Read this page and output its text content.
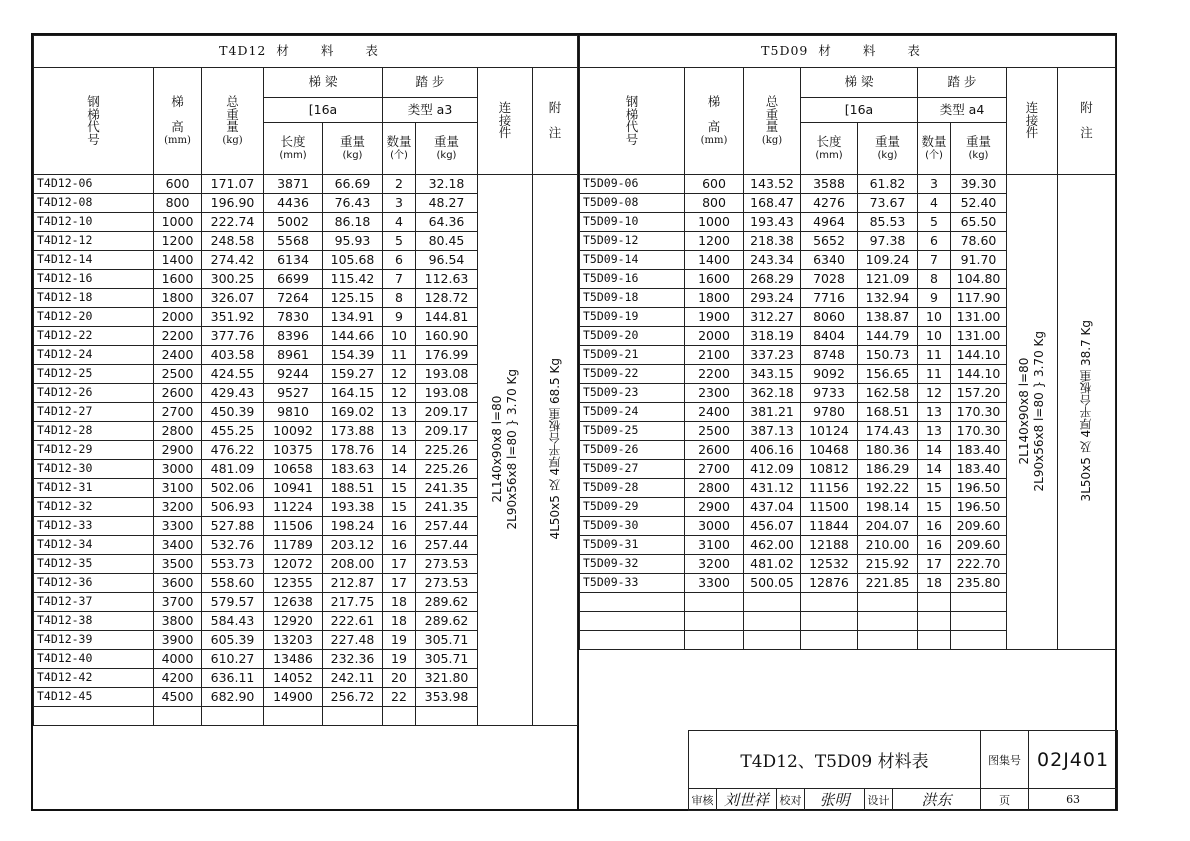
T4D12 材 料 表								
钢
梯
代
号	梯

高
(mm)	总
重
量
(kg)	梯 梁		踏 步		连
接
件	附

注
			[16a		类型 a3			
			长度
(mm)	重量
(kg)	数量
(个)	重量
(kg)		

T4D12-06	600	171.07	3871	66.69	2	32.18	2L140x90x8 l=80 2L90x56x8 l=80 } 3.70 Kg	4L50x5 及 4厚平台板重 68.5 Kg

T4D12-08	800	196.90	4436	76.43	3	48.27		
T4D12-10	1000	222.74	5002	86.18	4	64.36		
T4D12-12	1200	248.58	5568	95.93	5	80.45		
T4D12-14	1400	274.42	6134	105.68	6	96.54		
T4D12-16	1600	300.25	6699	115.42	7	112.63		
T4D12-18	1800	326.07	7264	125.15	8	128.72		
T4D12-20	2000	351.92	7830	134.91	9	144.81		
T4D12-22	2200	377.76	8396	144.66	10	160.90		
T4D12-24	2400	403.58	8961	154.39	11	176.99		
T4D12-25	2500	424.55	9244	159.27	12	193.08		
T4D12-26	2600	429.43	9527	164.15	12	193.08		
T4D12-27	2700	450.39	9810	169.02	13	209.17		
T4D12-28	2800	455.25	10092	173.88	13	209.17		
T4D12-29	2900	476.22	10375	178.76	14	225.26		
T4D12-30	3000	481.09	10658	183.63	14	225.26		
T4D12-31	3100	502.06	10941	188.51	15	241.35		
T4D12-32	3200	506.93	11224	193.38	15	241.35		
T4D12-33	3300	527.88	11506	198.24	16	257.44		
T4D12-34	3400	532.76	11789	203.12	16	257.44		
T4D12-35	3500	553.73	12072	208.00	17	273.53		
T4D12-36	3600	558.60	12355	212.87	17	273.53		
T4D12-37	3700	579.57	12638	217.75	18	289.62		
T4D12-38	3800	584.43	12920	222.61	18	289.62		
T4D12-39	3900	605.39	13203	227.48	19	305.71		
T4D12-40	4000	610.27	13486	232.36	19	305.71		
T4D12-42	4200	636.11	14052	242.11	20	321.80		
T4D12-45	4500	682.90	14900	256.72	22	353.98		

T5D09 材 料 表								
钢
梯
代
号	梯

高
(mm)	总
重
量
(kg)	梯 梁		踏 步		连
接
件	附

注
			[16a		类型 a4			
			长度
(mm)	重量
(kg)	数量
(个)	重量
(kg)		

T5D09-06	600	143.52	3588	61.82	3	39.30	2L140x90x8 l=80 2L90x56x8 l=80 } 3.70 Kg	3L50x5 及 4厚平台板重 38.7 Kg

T5D09-08	800	168.47	4276	73.67	4	52.40		
T5D09-10	1000	193.43	4964	85.53	5	65.50		
T5D09-12	1200	218.38	5652	97.38	6	78.60		
T5D09-14	1400	243.34	6340	109.24	7	91.70		
T5D09-16	1600	268.29	7028	121.09	8	104.80		
T5D09-18	1800	293.24	7716	132.94	9	117.90		
T5D09-19	1900	312.27	8060	138.87	10	131.00		
T5D09-20	2000	318.19	8404	144.79	10	131.00		
T5D09-21	2100	337.23	8748	150.73	11	144.10		
T5D09-22	2200	343.15	9092	156.65	11	144.10		
T5D09-23	2300	362.18	9733	162.58	12	157.20		
T5D09-24	2400	381.21	9780	168.51	13	170.30		
T5D09-25	2500	387.13	10124	174.43	13	170.30		
T5D09-26	2600	406.16	10468	180.36	14	183.40		
T5D09-27	2700	412.09	10812	186.29	14	183.40		
T5D09-28	2800	431.12	11156	192.22	15	196.50		
T5D09-29	2900	437.04	11500	198.14	15	196.50		
T5D09-30	3000	456.07	11844	204.07	16	209.60		
T5D09-31	3100	462.00	12188	210.00	16	209.60		
T5D09-32	3200	481.02	12532	215.92	17	222.70		
T5D09-33	3300	500.05	12876	221.85	18	235.80		

T4D12、T5D09 材料表						图集号	02J401
审核	刘世祥	校对	张明	设计	洪东	页	63
